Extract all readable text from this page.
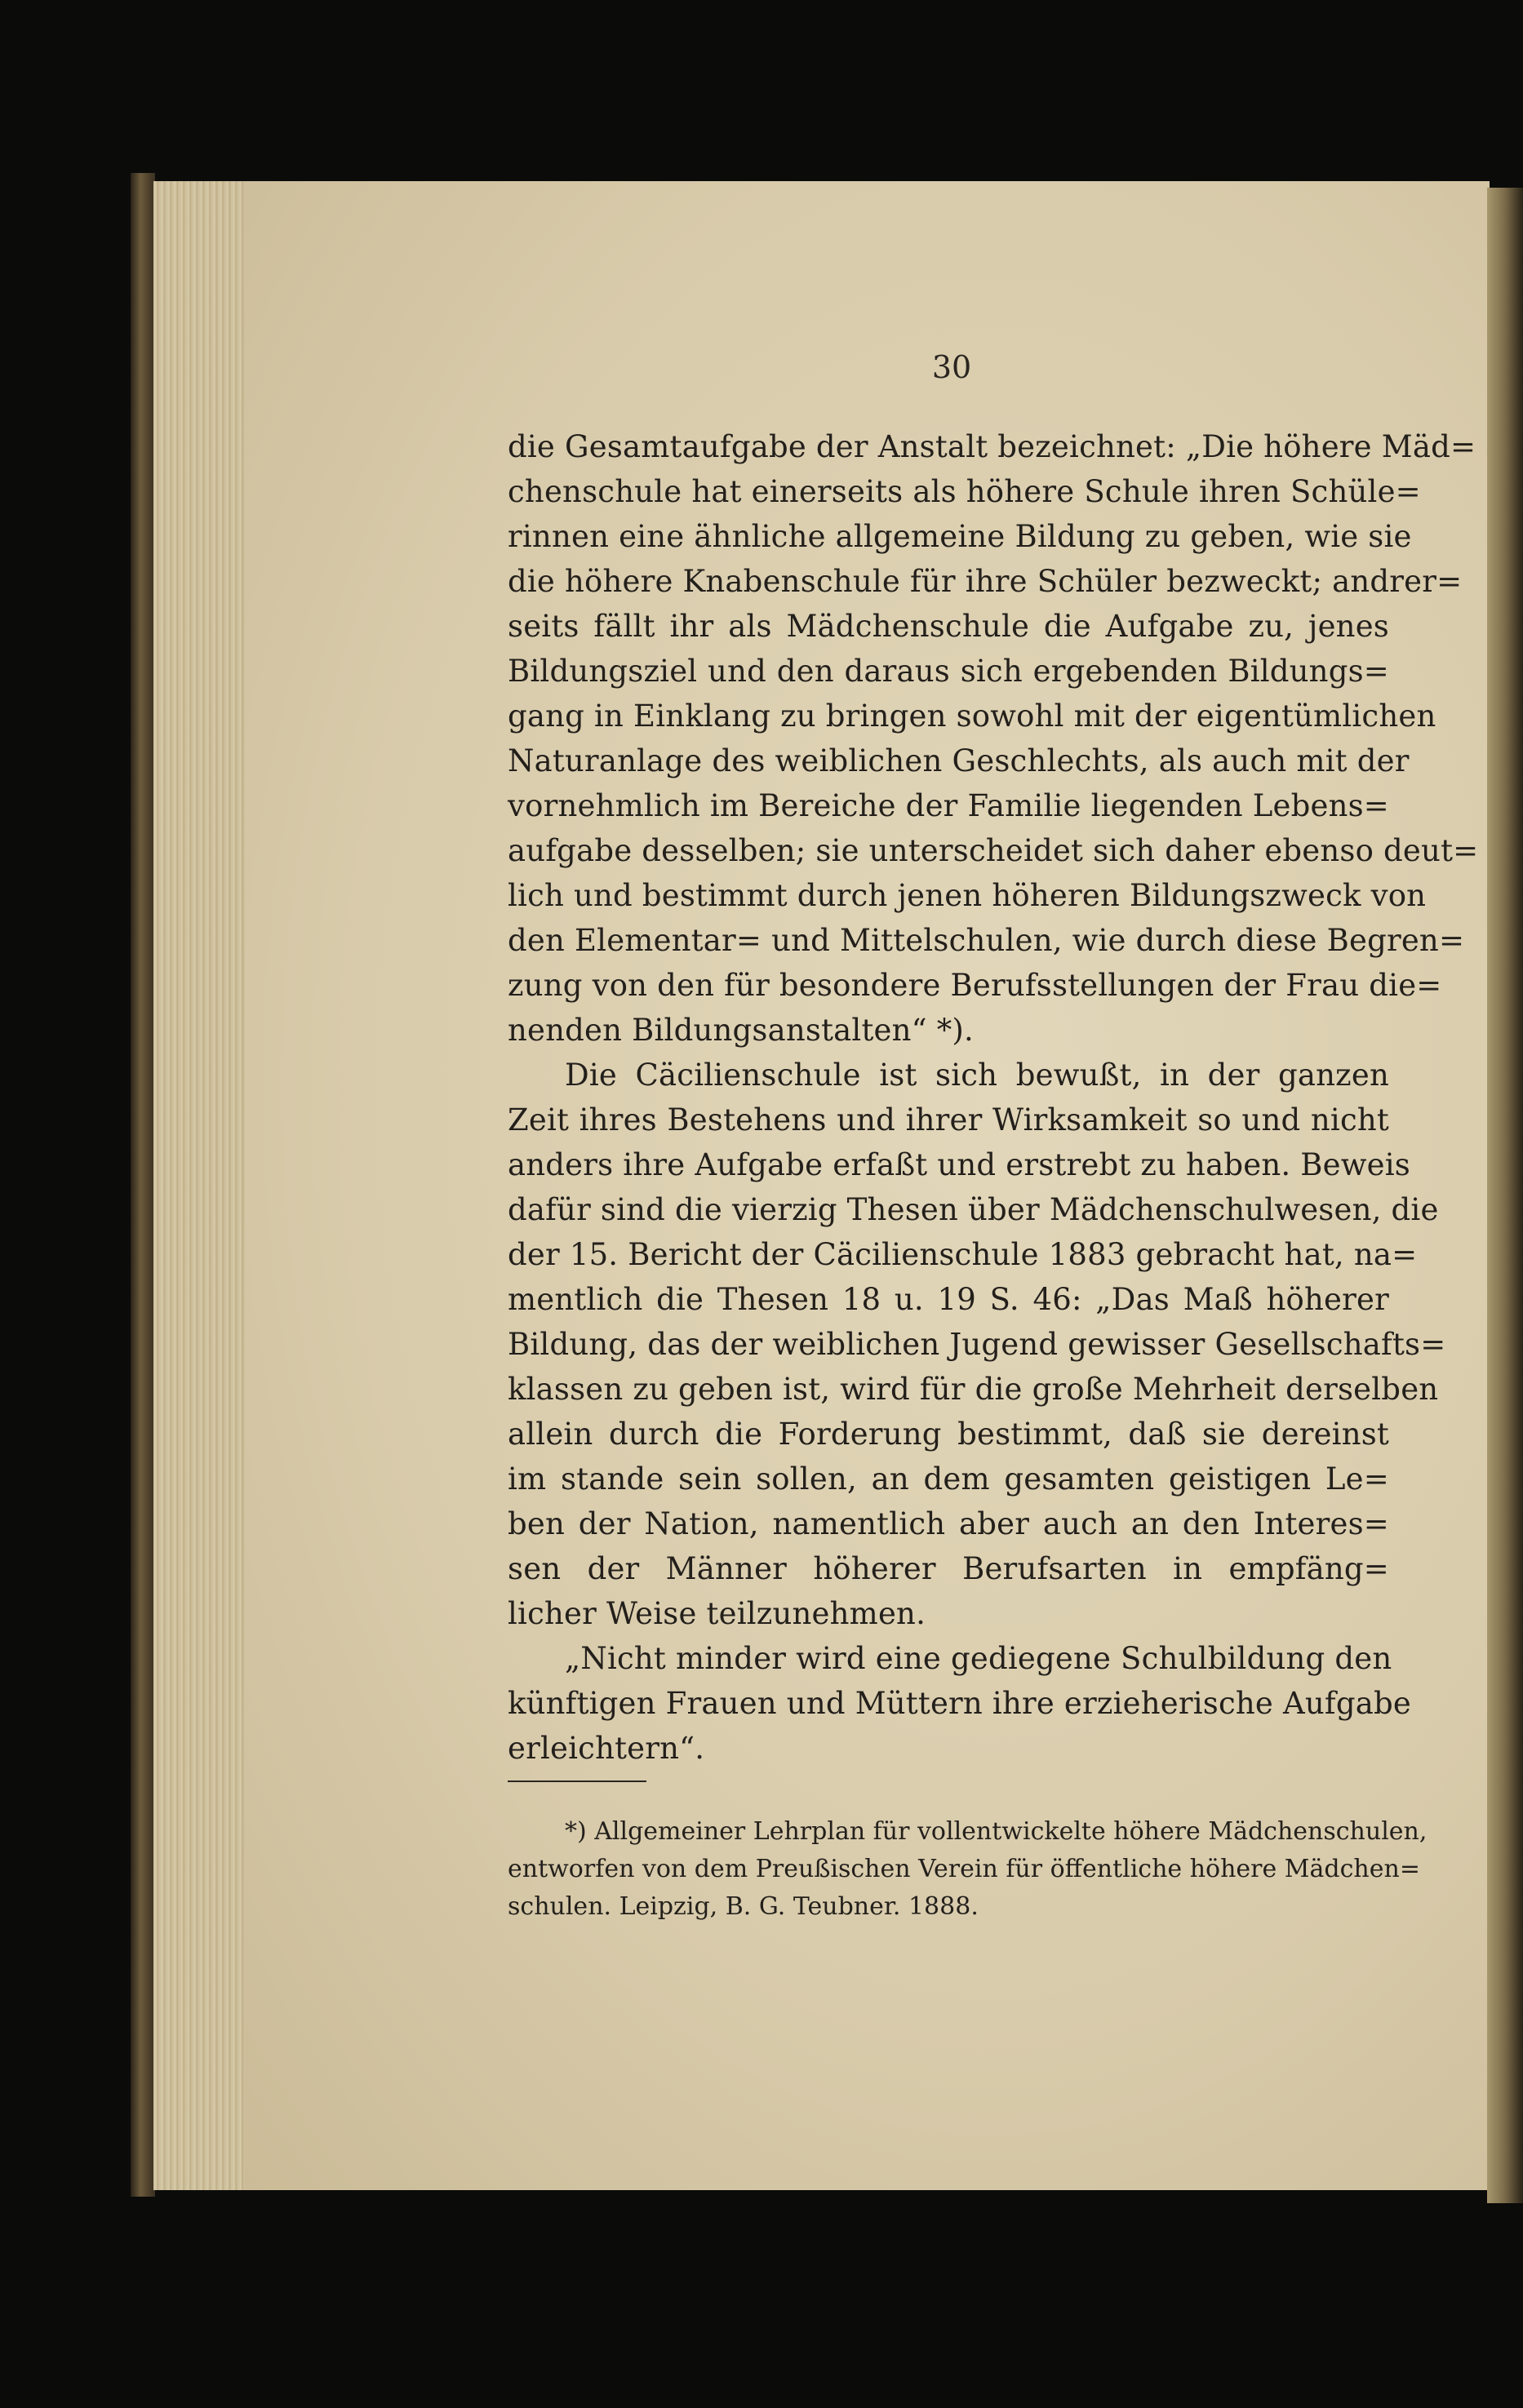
30
die Gesamtaufgabe der Anstalt bezeichnet: „Die höhere Mäd=
chenschule hat einerseits als höhere Schule ihren Schüle=
rinnen eine ähnliche allgemeine Bildung zu geben, wie sie
die höhere Knabenschule für ihre Schüler bezweckt; andrer=
seits fällt ihr als Mädchenschule die Aufgabe zu, jenes
Bildungsziel und den daraus sich ergebenden Bildungs=
gang in Einklang zu bringen sowohl mit der eigentümlichen
Naturanlage des weiblichen Geschlechts, als auch mit der
vornehmlich im Bereiche der Familie liegenden Lebens=
aufgabe desselben; sie unterscheidet sich daher ebenso deut=
lich und bestimmt durch jenen höheren Bildungszweck von
den Elementar= und Mittelschulen, wie durch diese Begren=
zung von den für besondere Berufsstellungen der Frau die=
nenden Bildungsanstalten“ *).
Die Cäcilienschule ist sich bewußt, in der ganzen
Zeit ihres Bestehens und ihrer Wirksamkeit so und nicht
anders ihre Aufgabe erfaßt und erstrebt zu haben. Beweis
dafür sind die vierzig Thesen über Mädchenschulwesen, die
der 15. Bericht der Cäcilienschule 1883 gebracht hat, na=
mentlich die Thesen 18 u. 19 S. 46: „Das Maß höherer
Bildung, das der weiblichen Jugend gewisser Gesellschafts=
klassen zu geben ist, wird für die große Mehrheit derselben
allein durch die Forderung bestimmt, daß sie dereinst
im stande sein sollen, an dem gesamten geistigen Le=
ben der Nation, namentlich aber auch an den Interes=
sen der Männer höherer Berufsarten in empfäng=
licher Weise teilzunehmen.
„Nicht minder wird eine gediegene Schulbildung den
künftigen Frauen und Müttern ihre erzieherische Aufgabe
erleichtern“.
*) Allgemeiner Lehrplan für vollentwickelte höhere Mädchenschulen,
entworfen von dem Preußischen Verein für öffentliche höhere Mädchen=
schulen. Leipzig, B. G. Teubner. 1888.
